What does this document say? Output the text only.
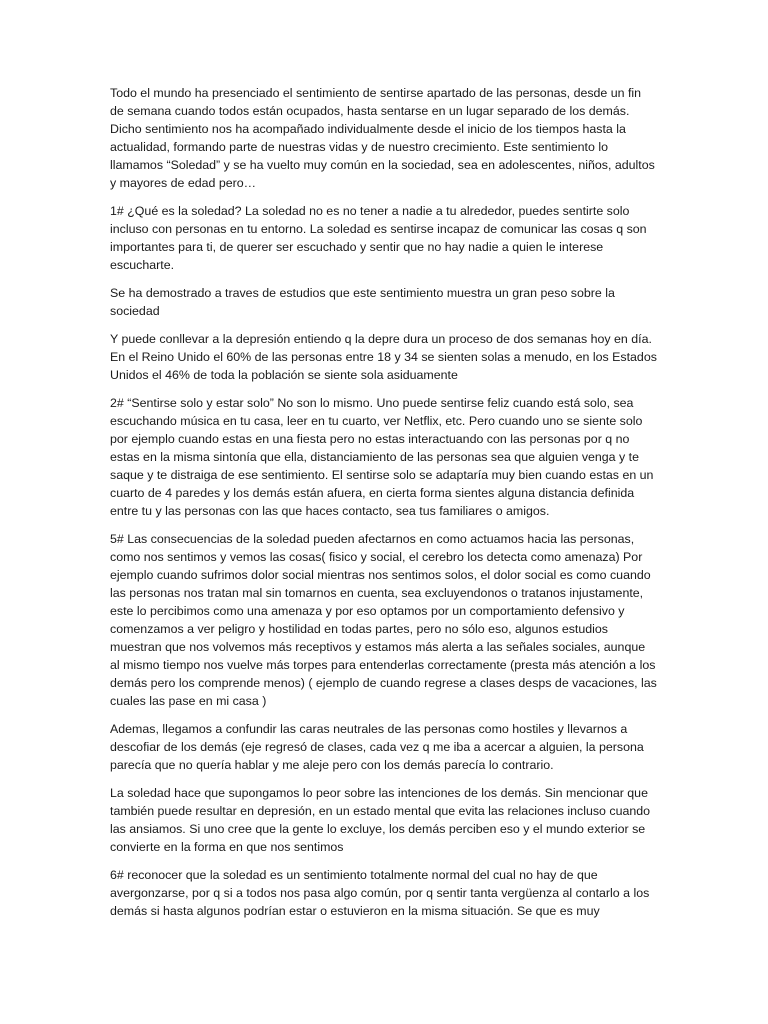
Todo el mundo ha presenciado el sentimiento de sentirse apartado de las personas, desde un fin de semana cuando todos están ocupados, hasta sentarse en un lugar separado de los demás. Dicho sentimiento nos ha acompañado individualmente desde el inicio de los tiempos hasta la actualidad, formando parte de nuestras vidas y de nuestro crecimiento. Este sentimiento lo llamamos “Soledad” y se ha vuelto muy común en la sociedad, sea en adolescentes, niños, adultos y mayores de edad pero…

1# ¿Qué es la soledad? La soledad no es no tener a nadie a tu alrededor, puedes sentirte solo incluso con personas en tu entorno. La soledad es sentirse incapaz de comunicar las cosas q son importantes para ti, de querer ser escuchado y sentir que no hay nadie a quien le interese escucharte.

Se ha demostrado a traves de estudios que este sentimiento muestra un gran peso sobre la sociedad

Y puede conllevar a la depresión entiendo q la depre dura un proceso de dos semanas hoy en día. En el Reino Unido el 60% de las personas entre 18 y 34 se sienten solas a menudo, en los Estados Unidos el 46% de toda la población se siente sola asiduamente

2# “Sentirse solo y estar solo” No son lo mismo. Uno puede sentirse feliz cuando está solo, sea escuchando música en tu casa, leer en tu cuarto, ver Netflix, etc. Pero cuando uno se siente solo por ejemplo cuando estas en una fiesta pero no estas interactuando con las personas por q no estas en la misma sintonía que ella, distanciamiento de las personas sea que alguien venga y te saque y te distraiga de ese sentimiento. El sentirse solo se adaptaría muy bien cuando estas en un cuarto de 4 paredes y los demás están afuera, en cierta forma sientes alguna distancia definida entre tu y las personas con las que haces contacto, sea tus familiares o amigos.

5# Las consecuencias de la soledad pueden afectarnos en como actuamos hacia las personas, como nos sentimos y vemos las cosas( fisico y social, el cerebro los detecta como amenaza) Por ejemplo cuando sufrimos dolor social mientras nos sentimos solos, el dolor social es como cuando las personas nos tratan mal sin tomarnos en cuenta, sea excluyendonos o tratanos injustamente, este lo percibimos como una amenaza y por eso optamos por un comportamiento defensivo y comenzamos a ver peligro y hostilidad en todas partes, pero no sólo eso, algunos estudios muestran que nos volvemos más receptivos y estamos más alerta a las señales sociales, aunque al mismo tiempo nos vuelve más torpes para entenderlas correctamente (presta más atención a los demás pero los comprende menos) ( ejemplo de cuando regrese a clases desps de vacaciones, las cuales las pase en mi casa )

Ademas, llegamos a confundir las caras neutrales de las personas como hostiles y llevarnos a descofiar de los demás (eje regresó de clases, cada vez q me iba a acercar a alguien, la persona parecía que no quería hablar y me aleje pero con los demás parecía lo contrario.

La soledad hace que supongamos lo peor sobre las intenciones de los demás. Sin mencionar que también puede resultar en depresión, en un estado mental que evita las relaciones incluso cuando las ansiamos. Si uno cree que la gente lo excluye, los demás perciben eso y el mundo exterior se convierte en la forma en que nos sentimos

6# reconocer que la soledad es un sentimiento totalmente normal del cual no hay de que avergonzarse, por q si a todos nos pasa algo común, por q sentir tanta vergüenza al contarlo a los demás si hasta algunos podrían estar o estuvieron en la misma situación. Se que es muy
